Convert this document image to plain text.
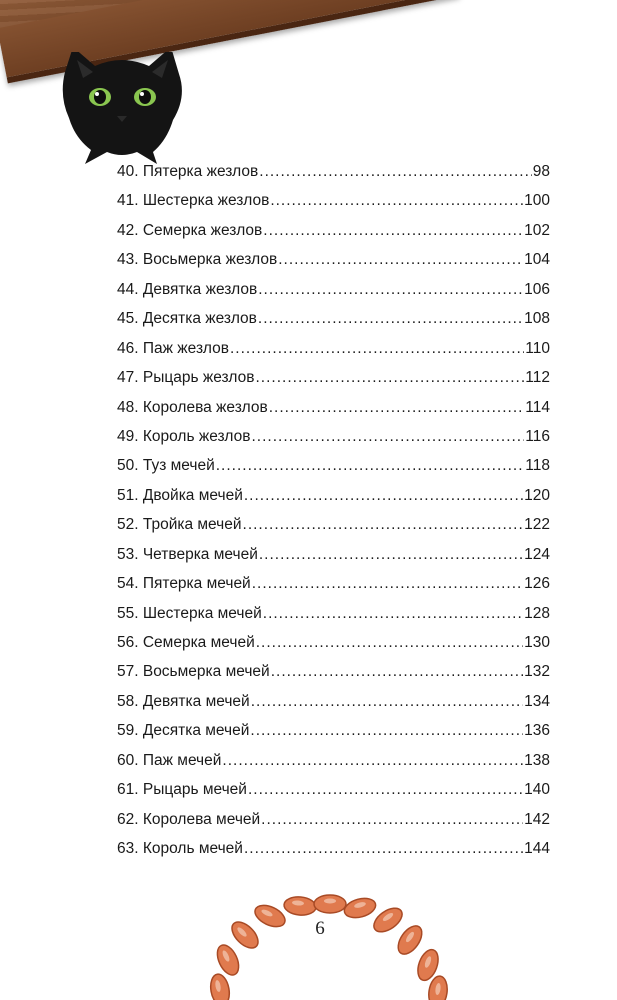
40. Пятерка жезлов .....	98
41. Шестерка жезлов .....	100
42. Семерка жезлов .....	102
43. Восьмерка жезлов .....	104
44. Девятка жезлов .....	106
45. Десятка жезлов .....	108
46. Паж жезлов .....	110
47. Рыцарь жезлов .....	112
48. Королева жезлов .....	114
49. Король жезлов .....	116
50. Туз мечей .....	118
51. Двойка мечей .....	120
52. Тройка мечей .....	122
53. Четверка мечей .....	124
54. Пятерка мечей .....	126
55. Шестерка мечей .....	128
56. Семерка мечей .....	130
57. Восьмерка мечей .....	132
58. Девятка мечей .....	134
59. Десятка мечей .....	136
60. Паж мечей .....	138
61. Рыцарь мечей .....	140
62. Королева мечей .....	142
63. Король мечей .....	144
6
